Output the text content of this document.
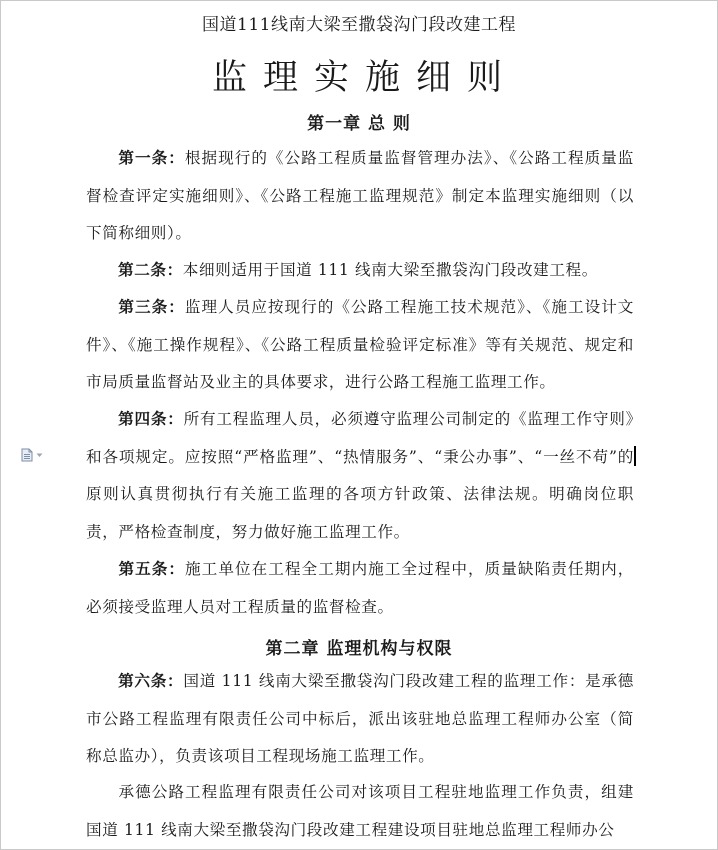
国道111线南大梁至撒袋沟门段改建工程
监理实施细则
第一章 总 则
第一条：根据现行的《公路工程质量监督管理办法》、《公路工程质量监督检查评定实施细则》、《公路工程施工监理规范》制定本监理实施细则（以下简称细则）。
第二条：本细则适用于国道 111 线南大梁至撒袋沟门段改建工程。
第三条：监理人员应按现行的《公路工程施工技术规范》、《施工设计文件》、《施工操作规程》、《公路工程质量检验评定标准》等有关规范、规定和市局质量监督站及业主的具体要求，进行公路工程施工监理工作。
第四条：所有工程监理人员，必须遵守监理公司制定的《监理工作守则》和各项规定。应按照“严格监理”、“热情服务”、“秉公办事”、“一丝不苟”的原则认真贯彻执行有关施工监理的各项方针政策、法律法规。明确岗位职责，严格检查制度，努力做好施工监理工作。
第五条：施工单位在工程全工期内施工全过程中，质量缺陷责任期内，必须接受监理人员对工程质量的监督检查。
第二章 监理机构与权限
第六条：国道 111 线南大梁至撒袋沟门段改建工程的监理工作：是承德市公路工程监理有限责任公司中标后，派出该驻地总监理工程师办公室（简称总监办），负责该项目工程现场施工监理工作。
承德公路工程监理有限责任公司对该项目工程驻地监理工作负责，组建国道 111 线南大梁至撒袋沟门段改建工程建设项目驻地总监理工程师办公
